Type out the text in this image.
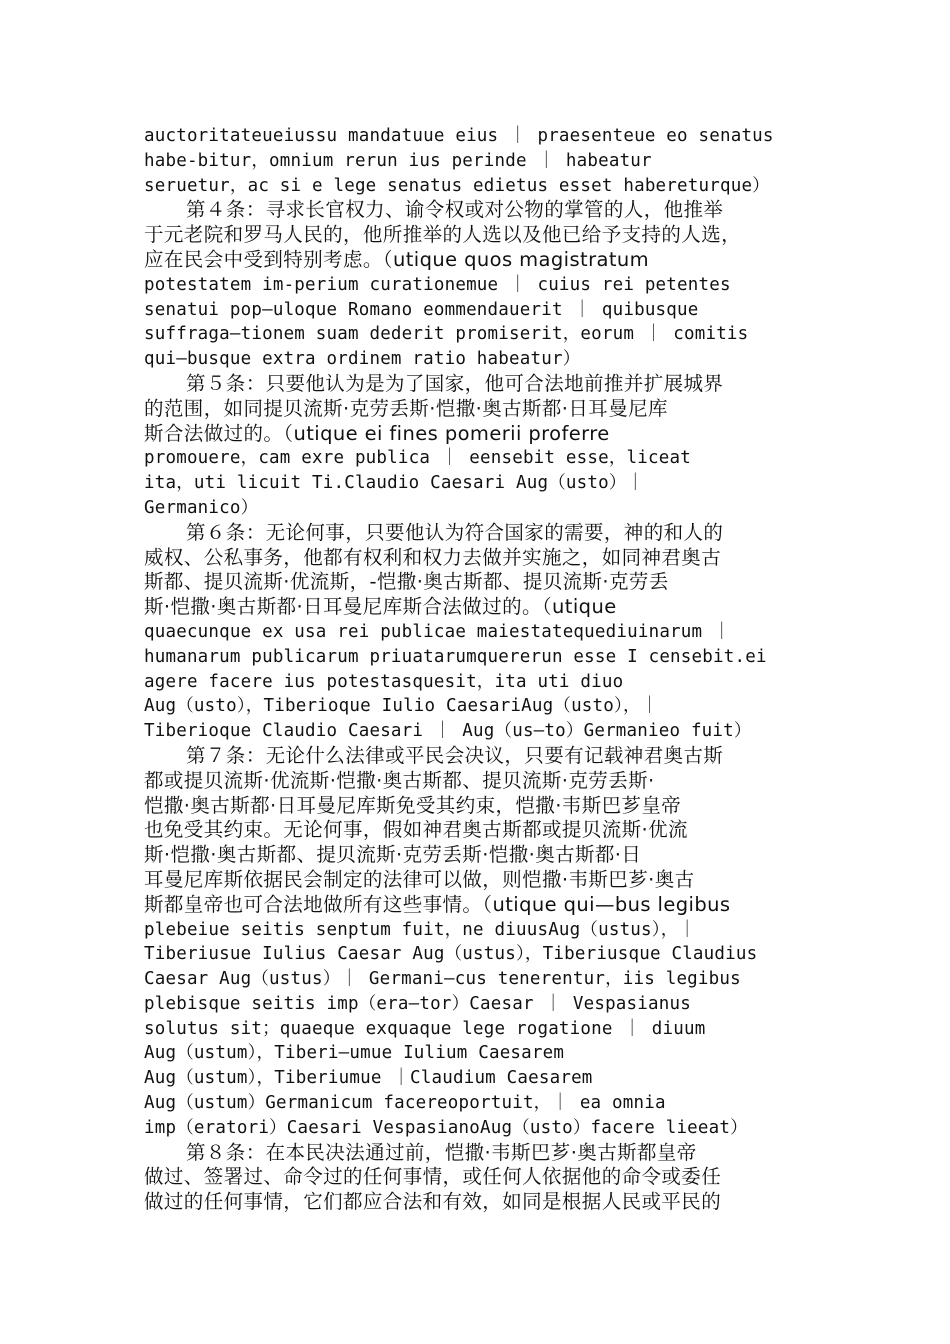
auctoritateueiussu mandatuue eius ｜ praesenteue eo senatus
habe-bitur，omnium rerun ius perinde ｜ habeatur
seruetur，ac si e lege senatus edietus esset habereturque）
第４条：寻求长官权力、谕令权或对公物的掌管的人，他推举
于元老院和罗马人民的，他所推举的人选以及他已给予支持的人选，
应在民会中受到特别考虑。（utique quos magistratum
potestatem im-perium curationemue ｜ cuius rei petentes
senatui pop—uloque Romano eommendauerit ｜ quibusque
suffraga—tionem suam dederit promiserit，eorum ｜ comitis
qui—busque extra ordinem ratio habeatur）
第５条：只要他认为是为了国家，他可合法地前推并扩展城界
的范围，如同提贝流斯·克劳丢斯·恺撒·奥古斯都·日耳曼尼库
斯合法做过的。（utique ei fines pomerii proferre
promouere，cam exre publica ｜ eensebit esse，liceat
ita，uti licuit Ti.Claudio Caesari Aug（usto）｜
Germanico）
第６条：无论何事，只要他认为符合国家的需要，神的和人的
威权、公私事务，他都有权利和权力去做并实施之，如同神君奥古
斯都、提贝流斯·优流斯，-恺撒·奥古斯都、提贝流斯·克劳丢
斯·恺撒·奥古斯都·日耳曼尼库斯合法做过的。（utique
quaecunque ex usa rei publicae maiestatequediuinarum ｜
humanarum publicarum priuatarumquererun esse I censebit.ei
agere facere ius potestasquesit，ita uti diuo
Aug（usto），Tiberioque Iulio CaesariAug（usto），｜
Tiberioque Claudio Caesari ｜ Aug（us—to）Germanieo fuit）
第７条：无论什么法律或平民会决议，只要有记载神君奥古斯
都或提贝流斯·优流斯·恺撒·奥古斯都、提贝流斯·克劳丢斯·
恺撒·奥古斯都·日耳曼尼库斯免受其约束，恺撒·韦斯巴芗皇帝
也免受其约束。无论何事，假如神君奥古斯都或提贝流斯·优流
斯·恺撒·奥古斯都、提贝流斯·克劳丢斯·恺撒·奥古斯都·日
耳曼尼库斯依据民会制定的法律可以做，则恺撒·韦斯巴芗·奥古
斯都皇帝也可合法地做所有这些事情。（utique qui—bus legibus
plebeiue seitis senptum fuit，ne diuusAug（ustus），｜
Tiberiusue Iulius Caesar Aug（ustus），Tiberiusque Claudius
Caesar Aug（ustus）｜ Germani—cus tenerentur，iis legibus
plebisque seitis imp（era—tor）Caesar ｜ Vespasianus
solutus sit；quaeque exquaque lege rogatione ｜ diuum
Aug（ustum），Tiberi—umue Iulium Caesarem
Aug（ustum），Tiberiumue ｜Claudium Caesarem
Aug（ustum）Germanicum facereoportuit，｜ ea omnia
imp（eratori）Caesari VespasianoAug（usto）facere lieeat）
第８条：在本民决法通过前，恺撒·韦斯巴芗·奥古斯都皇帝
做过、签署过、命令过的任何事情，或任何人依据他的命令或委任
做过的任何事情，它们都应合法和有效，如同是根据人民或平民的
